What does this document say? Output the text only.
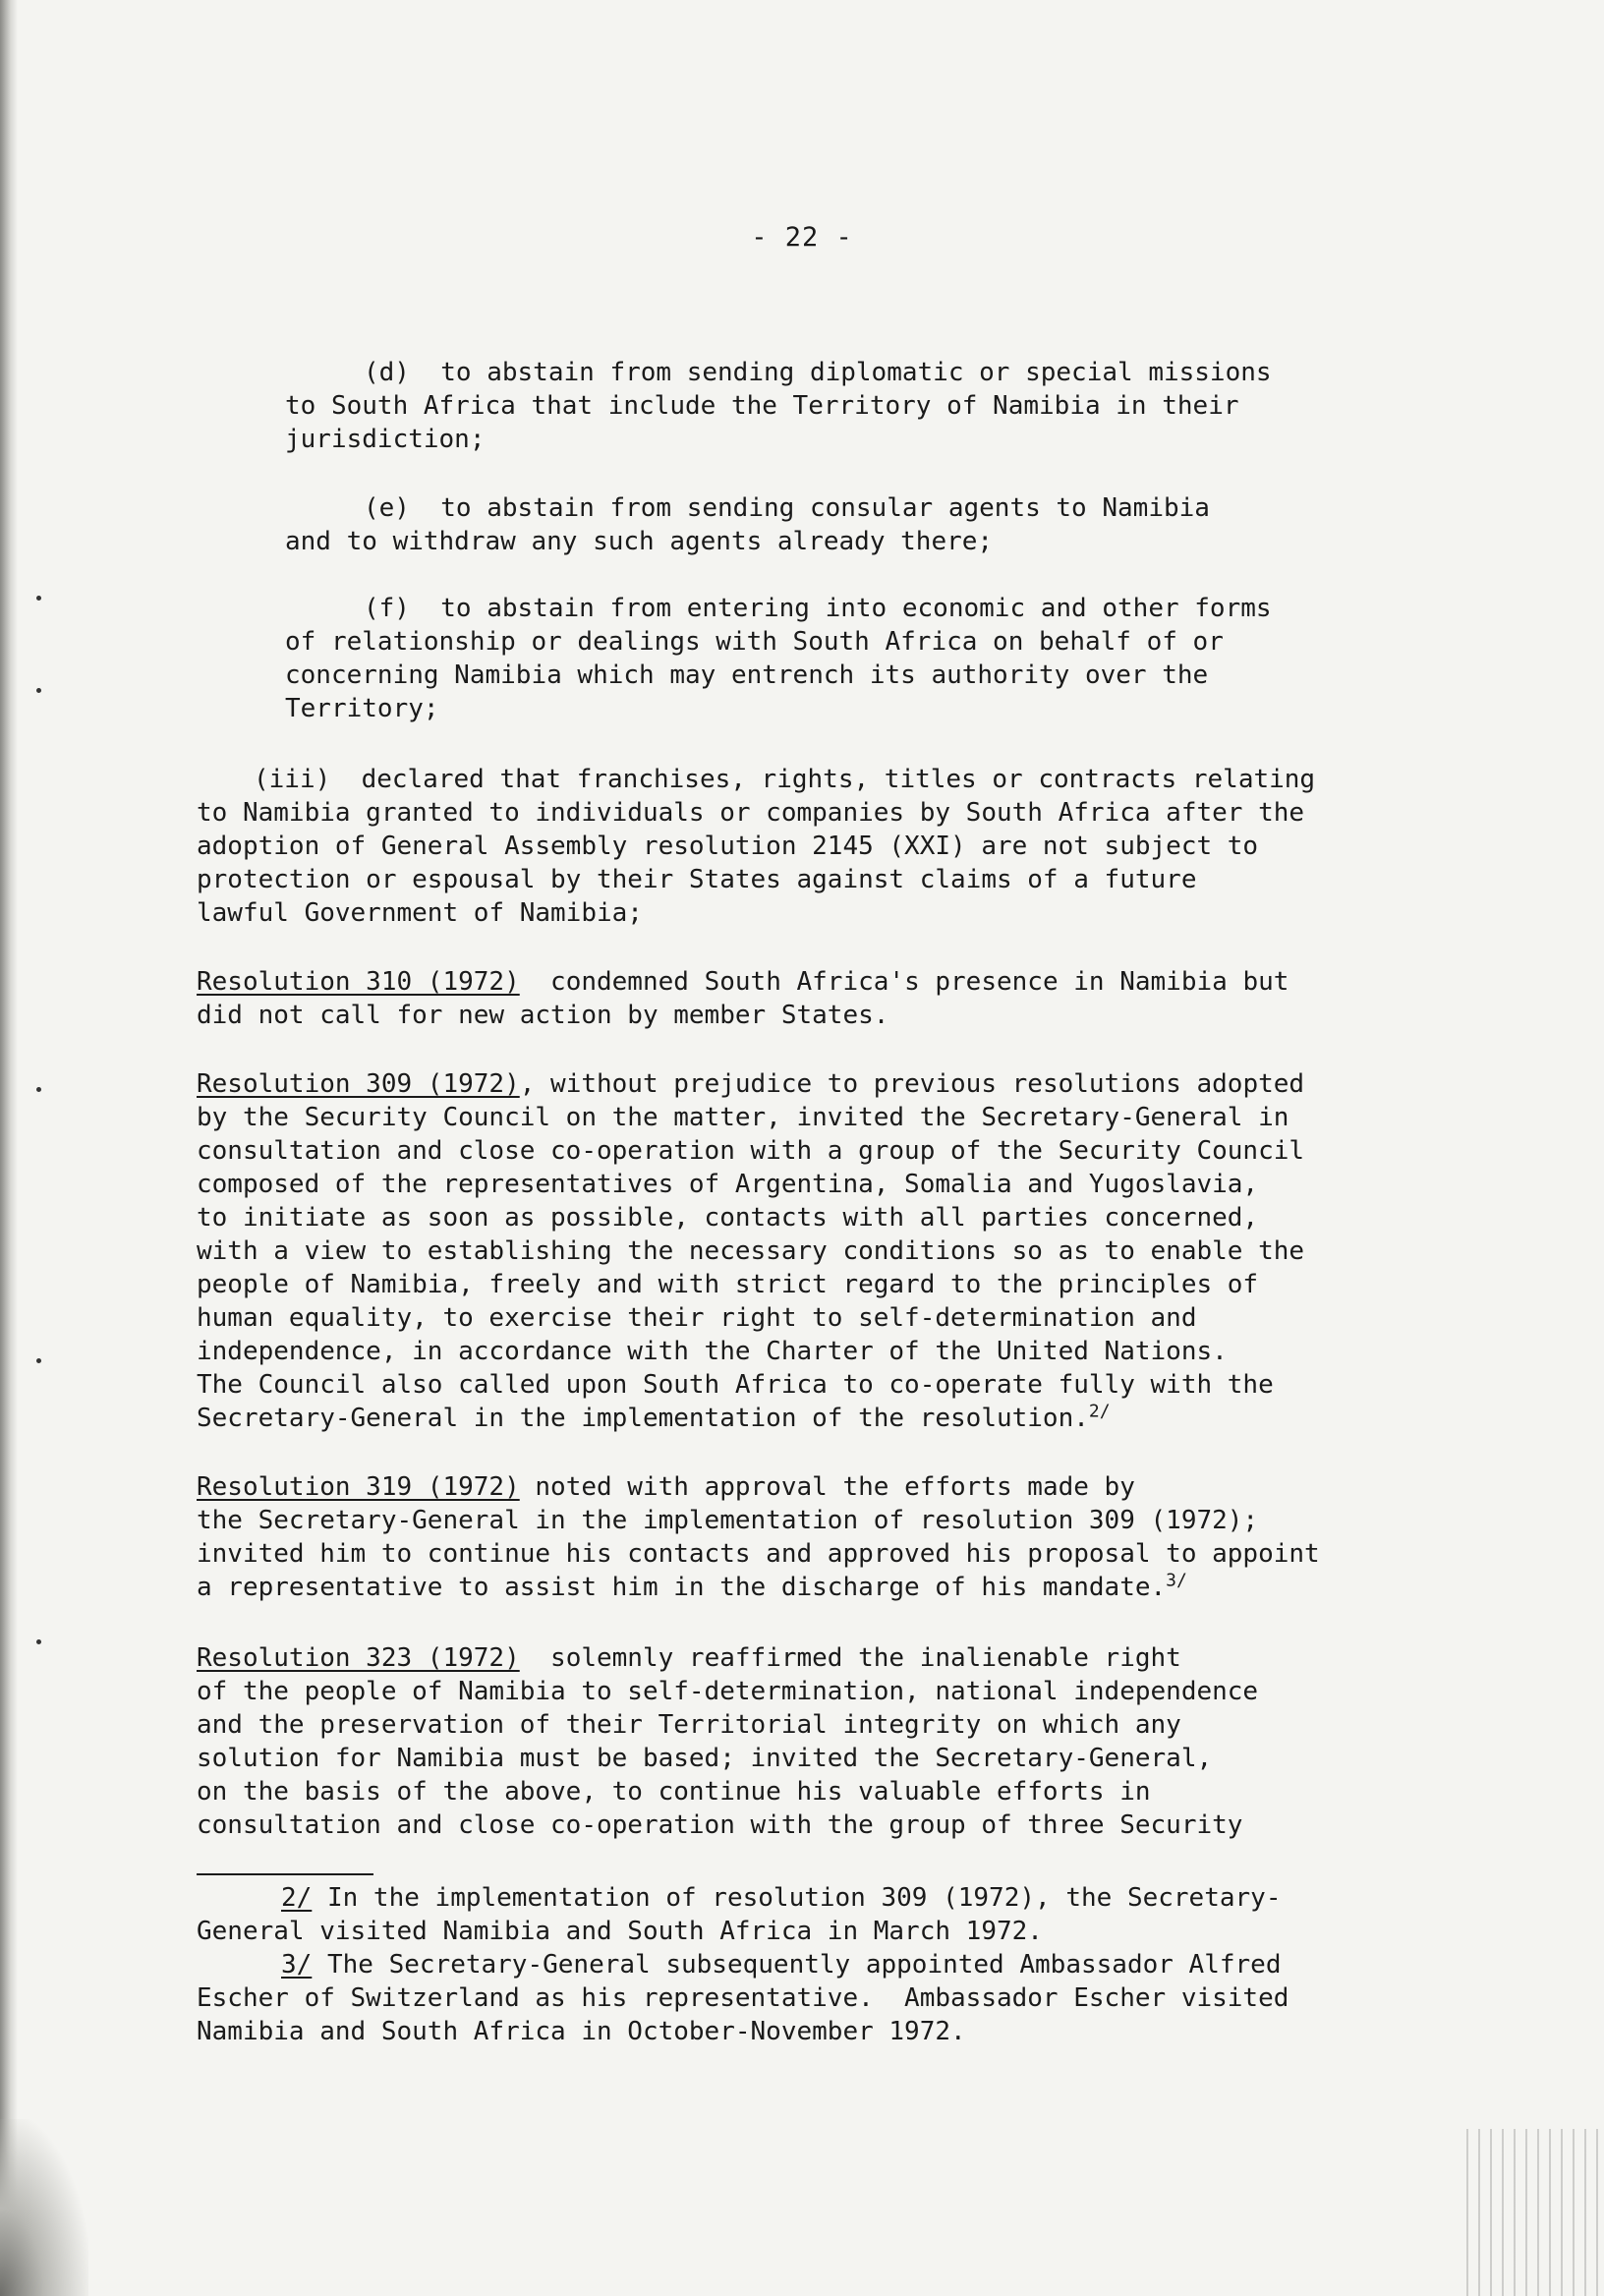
- 22 -

(d)  to abstain from sending diplomatic or special missions

to South Africa that include the Territory of Namibia in their

jurisdiction;

(e)  to abstain from sending consular agents to Namibia

and to withdraw any such agents already there;

(f)  to abstain from entering into economic and other forms

of relationship or dealings with South Africa on behalf of or

concerning Namibia which may entrench its authority over the

Territory;

(iii)  declared that franchises, rights, titles or contracts relating

to Namibia granted to individuals or companies by South Africa after the

adoption of General Assembly resolution 2145 (XXI) are not subject to

protection or espousal by their States against claims of a future

lawful Government of Namibia;

Resolution 310 (1972)  condemned South Africa's presence in Namibia but

did not call for new action by member States.

Resolution 309 (1972), without prejudice to previous resolutions adopted

by the Security Council on the matter, invited the Secretary-General in

consultation and close co-operation with a group of the Security Council

composed of the representatives of Argentina, Somalia and Yugoslavia,

to initiate as soon as possible, contacts with all parties concerned,

with a view to establishing the necessary conditions so as to enable the

people of Namibia, freely and with strict regard to the principles of

human equality, to exercise their right to self-determination and

independence, in accordance with the Charter of the United Nations.

The Council also called upon South Africa to co-operate fully with the

Secretary-General in the implementation of the resolution.$^{2/}$

Resolution 319 (1972) noted with approval the efforts made by

the Secretary-General in the implementation of resolution 309 (1972);

invited him to continue his contacts and approved his proposal to appoint

a representative to assist him in the discharge of his mandate.$^{3/}$

Resolution 323 (1972)  solemnly reaffirmed the inalienable right

of the people of Namibia to self-determination, national independence

and the preservation of their Territorial integrity on which any

solution for Namibia must be based; invited the Secretary-General,

on the basis of the above, to continue his valuable efforts in

consultation and close co-operation with the group of three Security

2/ In the implementation of resolution 309 (1972), the Secretary-

General visited Namibia and South Africa in March 1972.

3/ The Secretary-General subsequently appointed Ambassador Alfred

Escher of Switzerland as his representative.  Ambassador Escher visited

Namibia and South Africa in October-November 1972.
